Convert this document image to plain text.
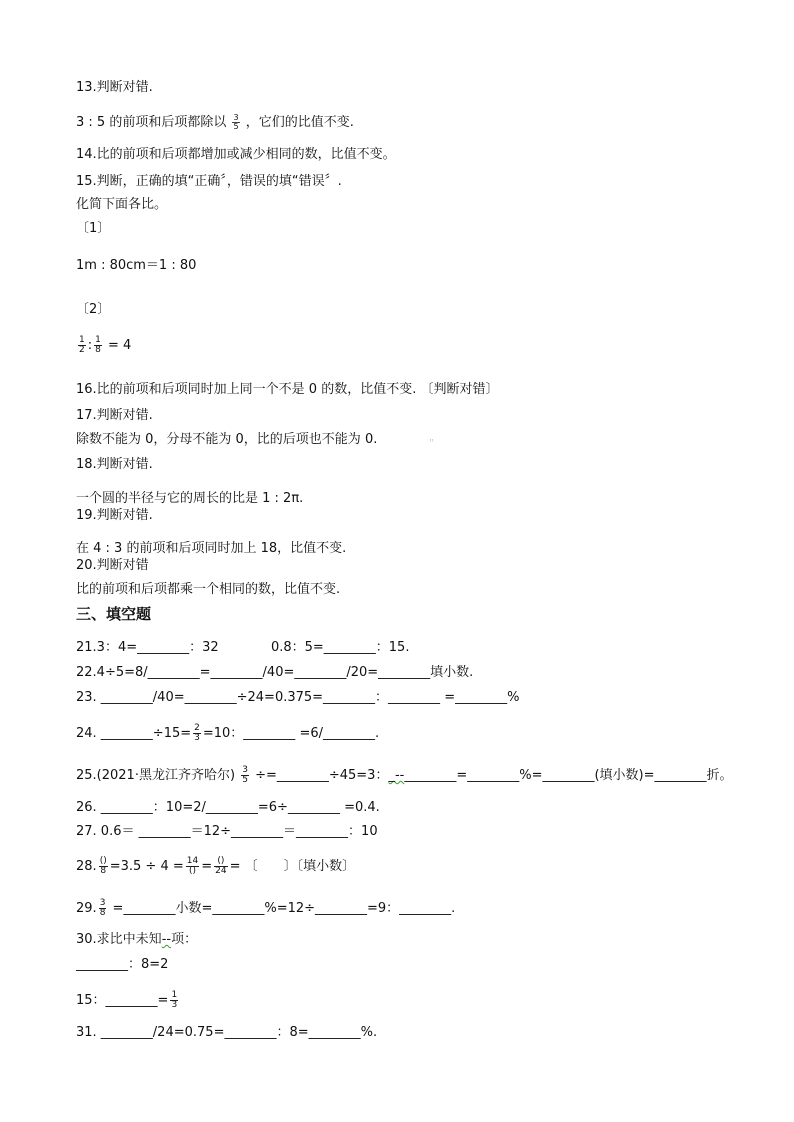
13.判断对错.
3 : 5 的前项和后项都除以 $\frac{3}{5}$ ，它们的比值不变.
14.比的前项和后项都增加或减少相同的数，比值不变。
15.判断，正确的填“正确〞，错误的填“错误〞.
化简下面各比。
〔1〕
1m : 80cm＝1 : 80
〔2〕
$\frac{1}{2}$ : $\frac{1}{8} = 4$
16.比的前项和后项同时加上同一个不是 0 的数，比值不变. 〔判断对错〕
17.判断对错.
除数不能为 0，分母不能为 0，比的后项也不能为 0.	[ ]
18.判断对错.
一个圆的半径与它的周长的比是 1 : 2π.
19.判断对错.
在 4 : 3 的前项和后项同时加上 18，比值不变.
20.判断对错
比的前项和后项都乘一个相同的数，比值不变.
三、填空题
21.3：4=________：32	0.8：5=________：15.
22.4÷5=8/________=________/40=________/20=________填小数.
23. ________/40=________÷24=0.375=________：________ =________%
24. ________÷15= $\frac{2}{3} =10$：________ =6/________.
25.(2021·黑龙江齐齐哈尔) $\frac{3}{5}$ ÷=________÷45=3：_--________=________%=________(填小数)=________折。
26. ________：10=2/________=6÷________ =0.4.
27. 0.6＝ ________＝12÷________＝________：10
28. $\frac{()}{8} =3.5 \div 4 = \frac{14}{()} = \frac{()}{24}$ = 〔　　〕〔填小数〕
29. $\frac{3}{8}$ =________小数=________%=12÷________=9：________.
30.求比中未知--项：
________：8=2
15：________= $\frac{1}{3}$
31. ________/24=0.75=________：8=________%.
